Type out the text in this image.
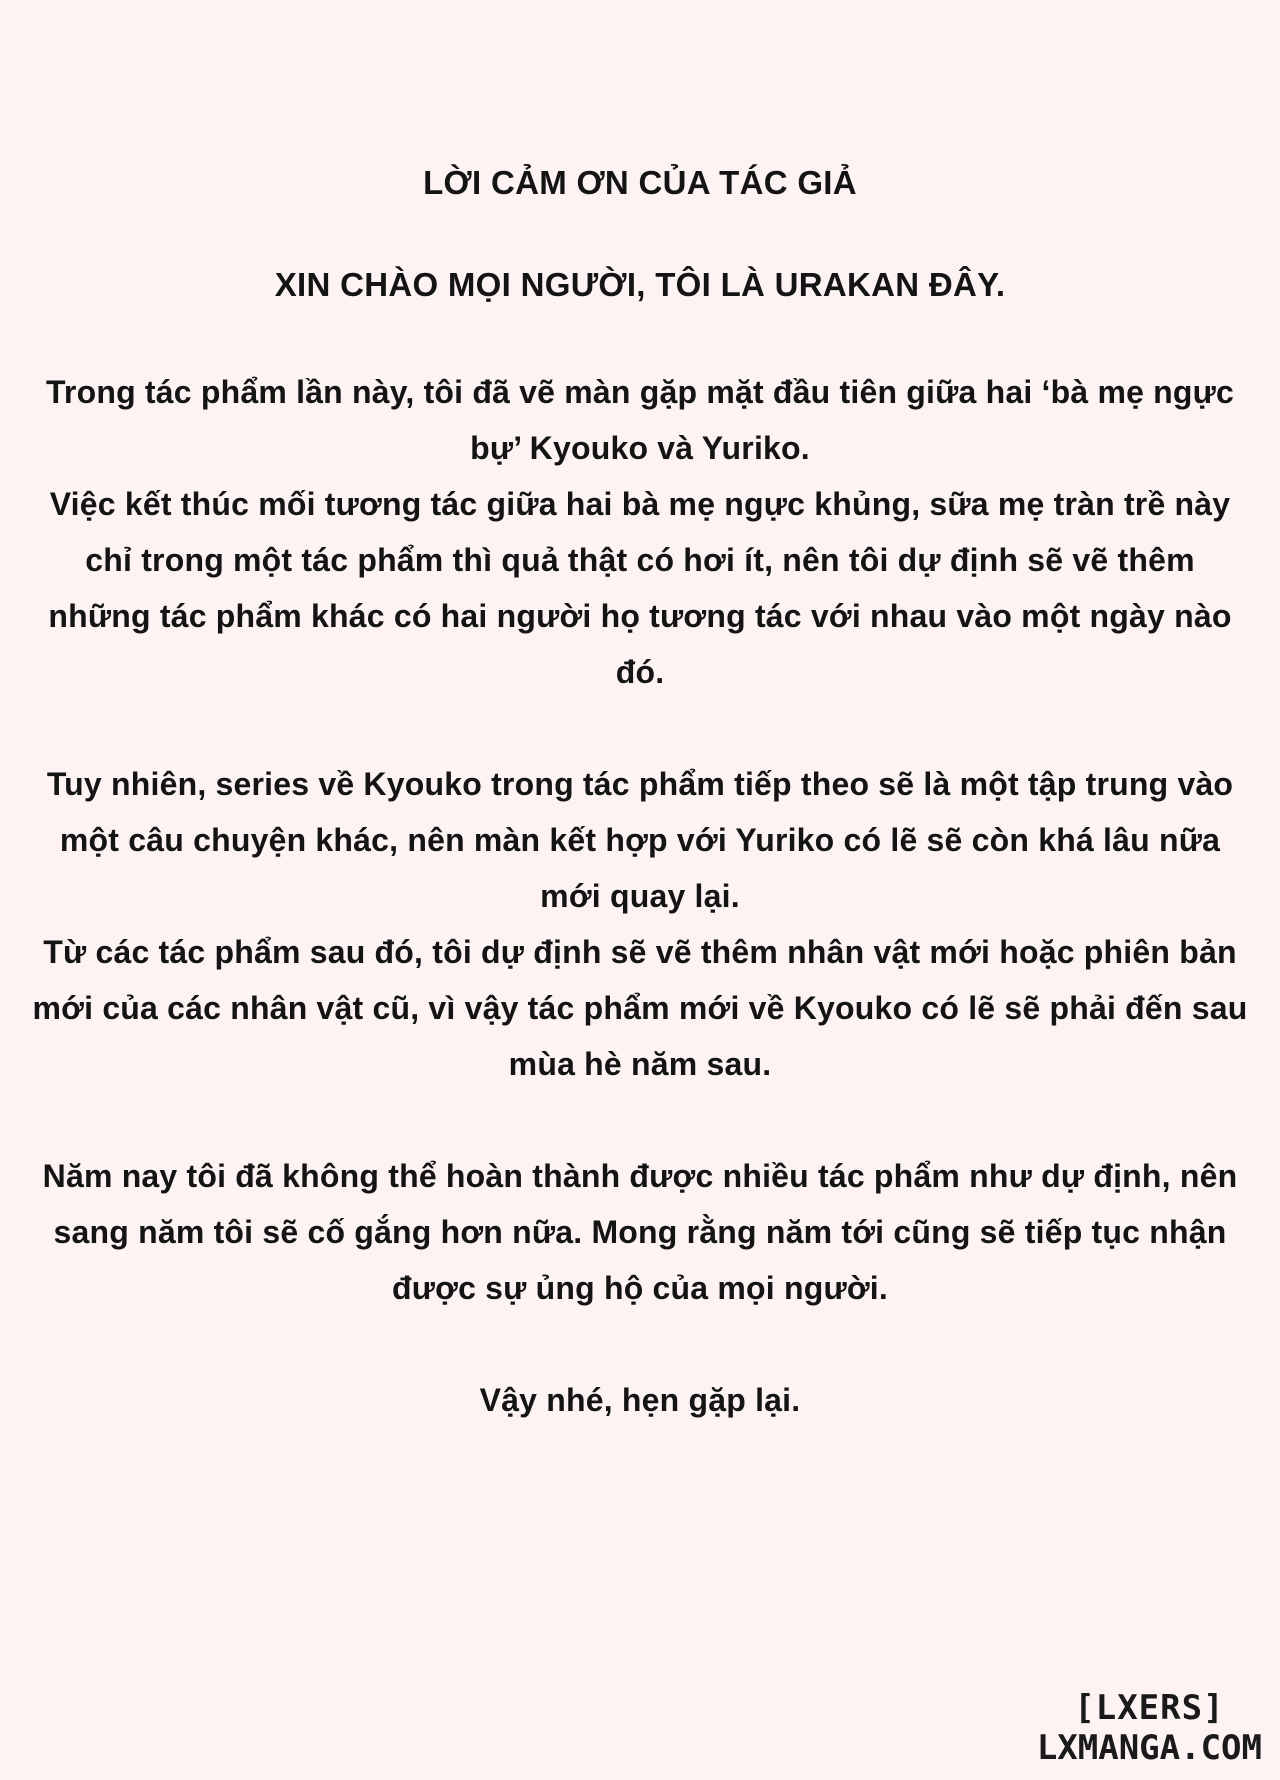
LỜI CẢM ƠN CỦA TÁC GIẢ

XIN CHÀO MỌI NGƯỜI, TÔI LÀ URAKAN ĐÂY.

Trong tác phẩm lần này, tôi đã vẽ màn gặp mặt đầu tiên giữa hai ‘bà mẹ ngực bự’ Kyouko và Yuriko.

Việc kết thúc mối tương tác giữa hai bà mẹ ngực khủng, sữa mẹ tràn trề này chỉ trong một tác phẩm thì quả thật có hơi ít, nên tôi dự định sẽ vẽ thêm những tác phẩm khác có hai người họ tương tác với nhau vào một ngày nào đó.

Tuy nhiên, series về Kyouko trong tác phẩm tiếp theo sẽ là một tập trung vào một câu chuyện khác, nên màn kết hợp với Yuriko có lẽ sẽ còn khá lâu nữa mới quay lại.

Từ các tác phẩm sau đó, tôi dự định sẽ vẽ thêm nhân vật mới hoặc phiên bản mới của các nhân vật cũ, vì vậy tác phẩm mới về Kyouko có lẽ sẽ phải đến sau mùa hè năm sau.

Năm nay tôi đã không thể hoàn thành được nhiều tác phẩm như dự định, nên sang năm tôi sẽ cố gắng hơn nữa. Mong rằng năm tới cũng sẽ tiếp tục nhận được sự ủng hộ của mọi người.

Vậy nhé, hẹn gặp lại.

[LXERS]
LXMANGA.COM
